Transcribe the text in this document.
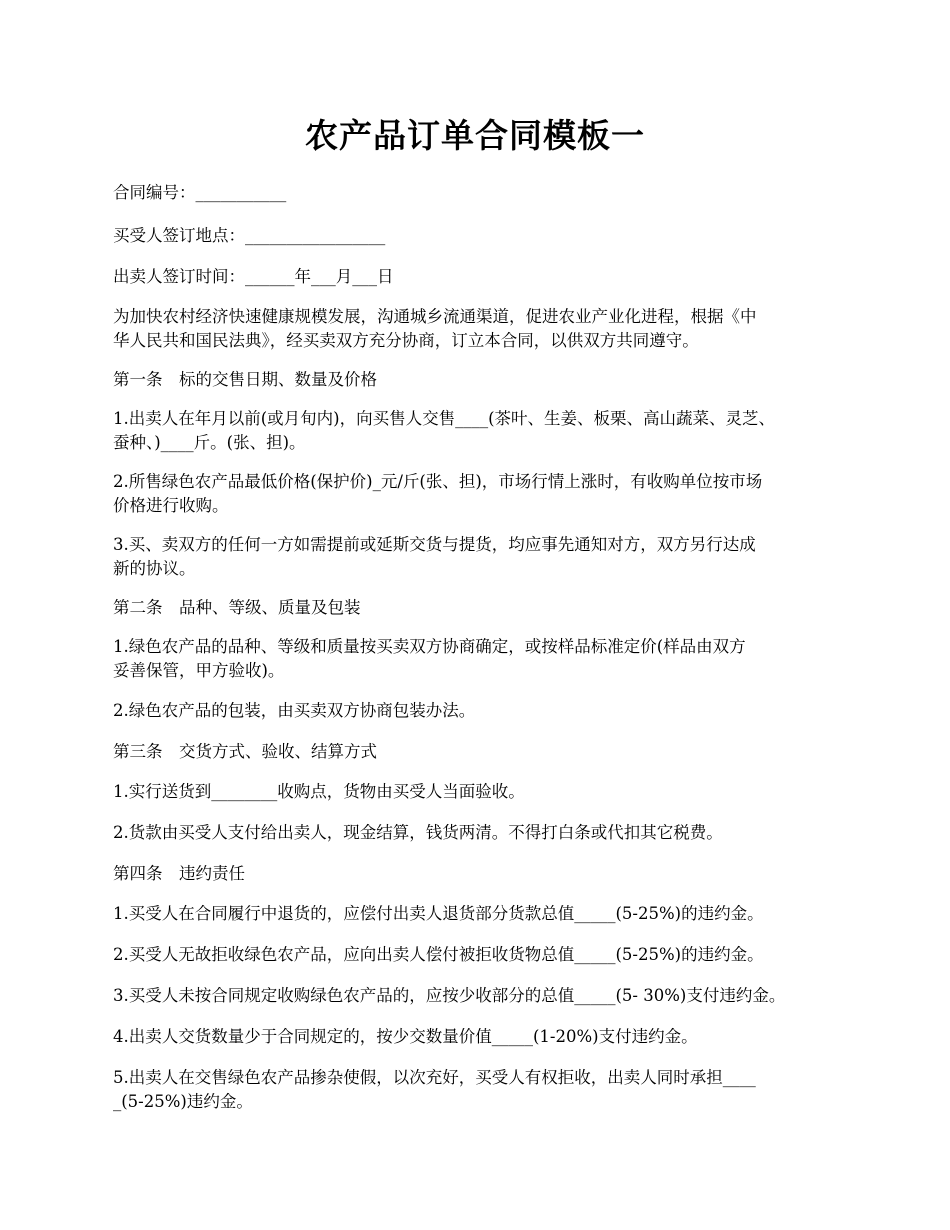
农产品订单合同模板一
合同编号：___________
买受人签订地点：_________________
出卖人签订时间：______年___月___日
为加快农村经济快速健康规模发展，沟通城乡流通渠道，促进农业产业化进程，根据《中
华人民共和国民法典》，经买卖双方充分协商，订立本合同，以供双方共同遵守。
第一条　标的交售日期、数量及价格
1.出卖人在年月以前(或月旬内)，向买售人交售____(茶叶、生姜、板栗、高山蔬菜、灵芝、
蚕种、)____斤。(张、担)。
2.所售绿色农产品最低价格(保护价)_元/斤(张、担)，市场行情上涨时，有收购单位按市场
价格进行收购。
3.买、卖双方的任何一方如需提前或延斯交货与提货，均应事先通知对方，双方另行达成
新的协议。
第二条　品种、等级、质量及包装
1.绿色农产品的品种、等级和质量按买卖双方协商确定，或按样品标准定价(样品由双方
妥善保管，甲方验收)。
2.绿色农产品的包装，由买卖双方协商包装办法。
第三条　交货方式、验收、结算方式
1.实行送货到________收购点，货物由买受人当面验收。
2.货款由买受人支付给出卖人，现金结算，钱货两清。不得打白条或代扣其它税费。
第四条　违约责任
1.买受人在合同履行中退货的，应偿付出卖人退货部分货款总值_____(5-25%)的违约金。
2.买受人无故拒收绿色农产品，应向出卖人偿付被拒收货物总值_____(5-25%)的违约金。
3.买受人未按合同规定收购绿色农产品的，应按少收部分的总值_____(5- 30%)支付违约金。
4.出卖人交货数量少于合同规定的，按少交数量价值_____(1-20%)支付违约金。
5.出卖人在交售绿色农产品掺杂使假，以次充好，买受人有权拒收，出卖人同时承担____
_(5-25%)违约金。
